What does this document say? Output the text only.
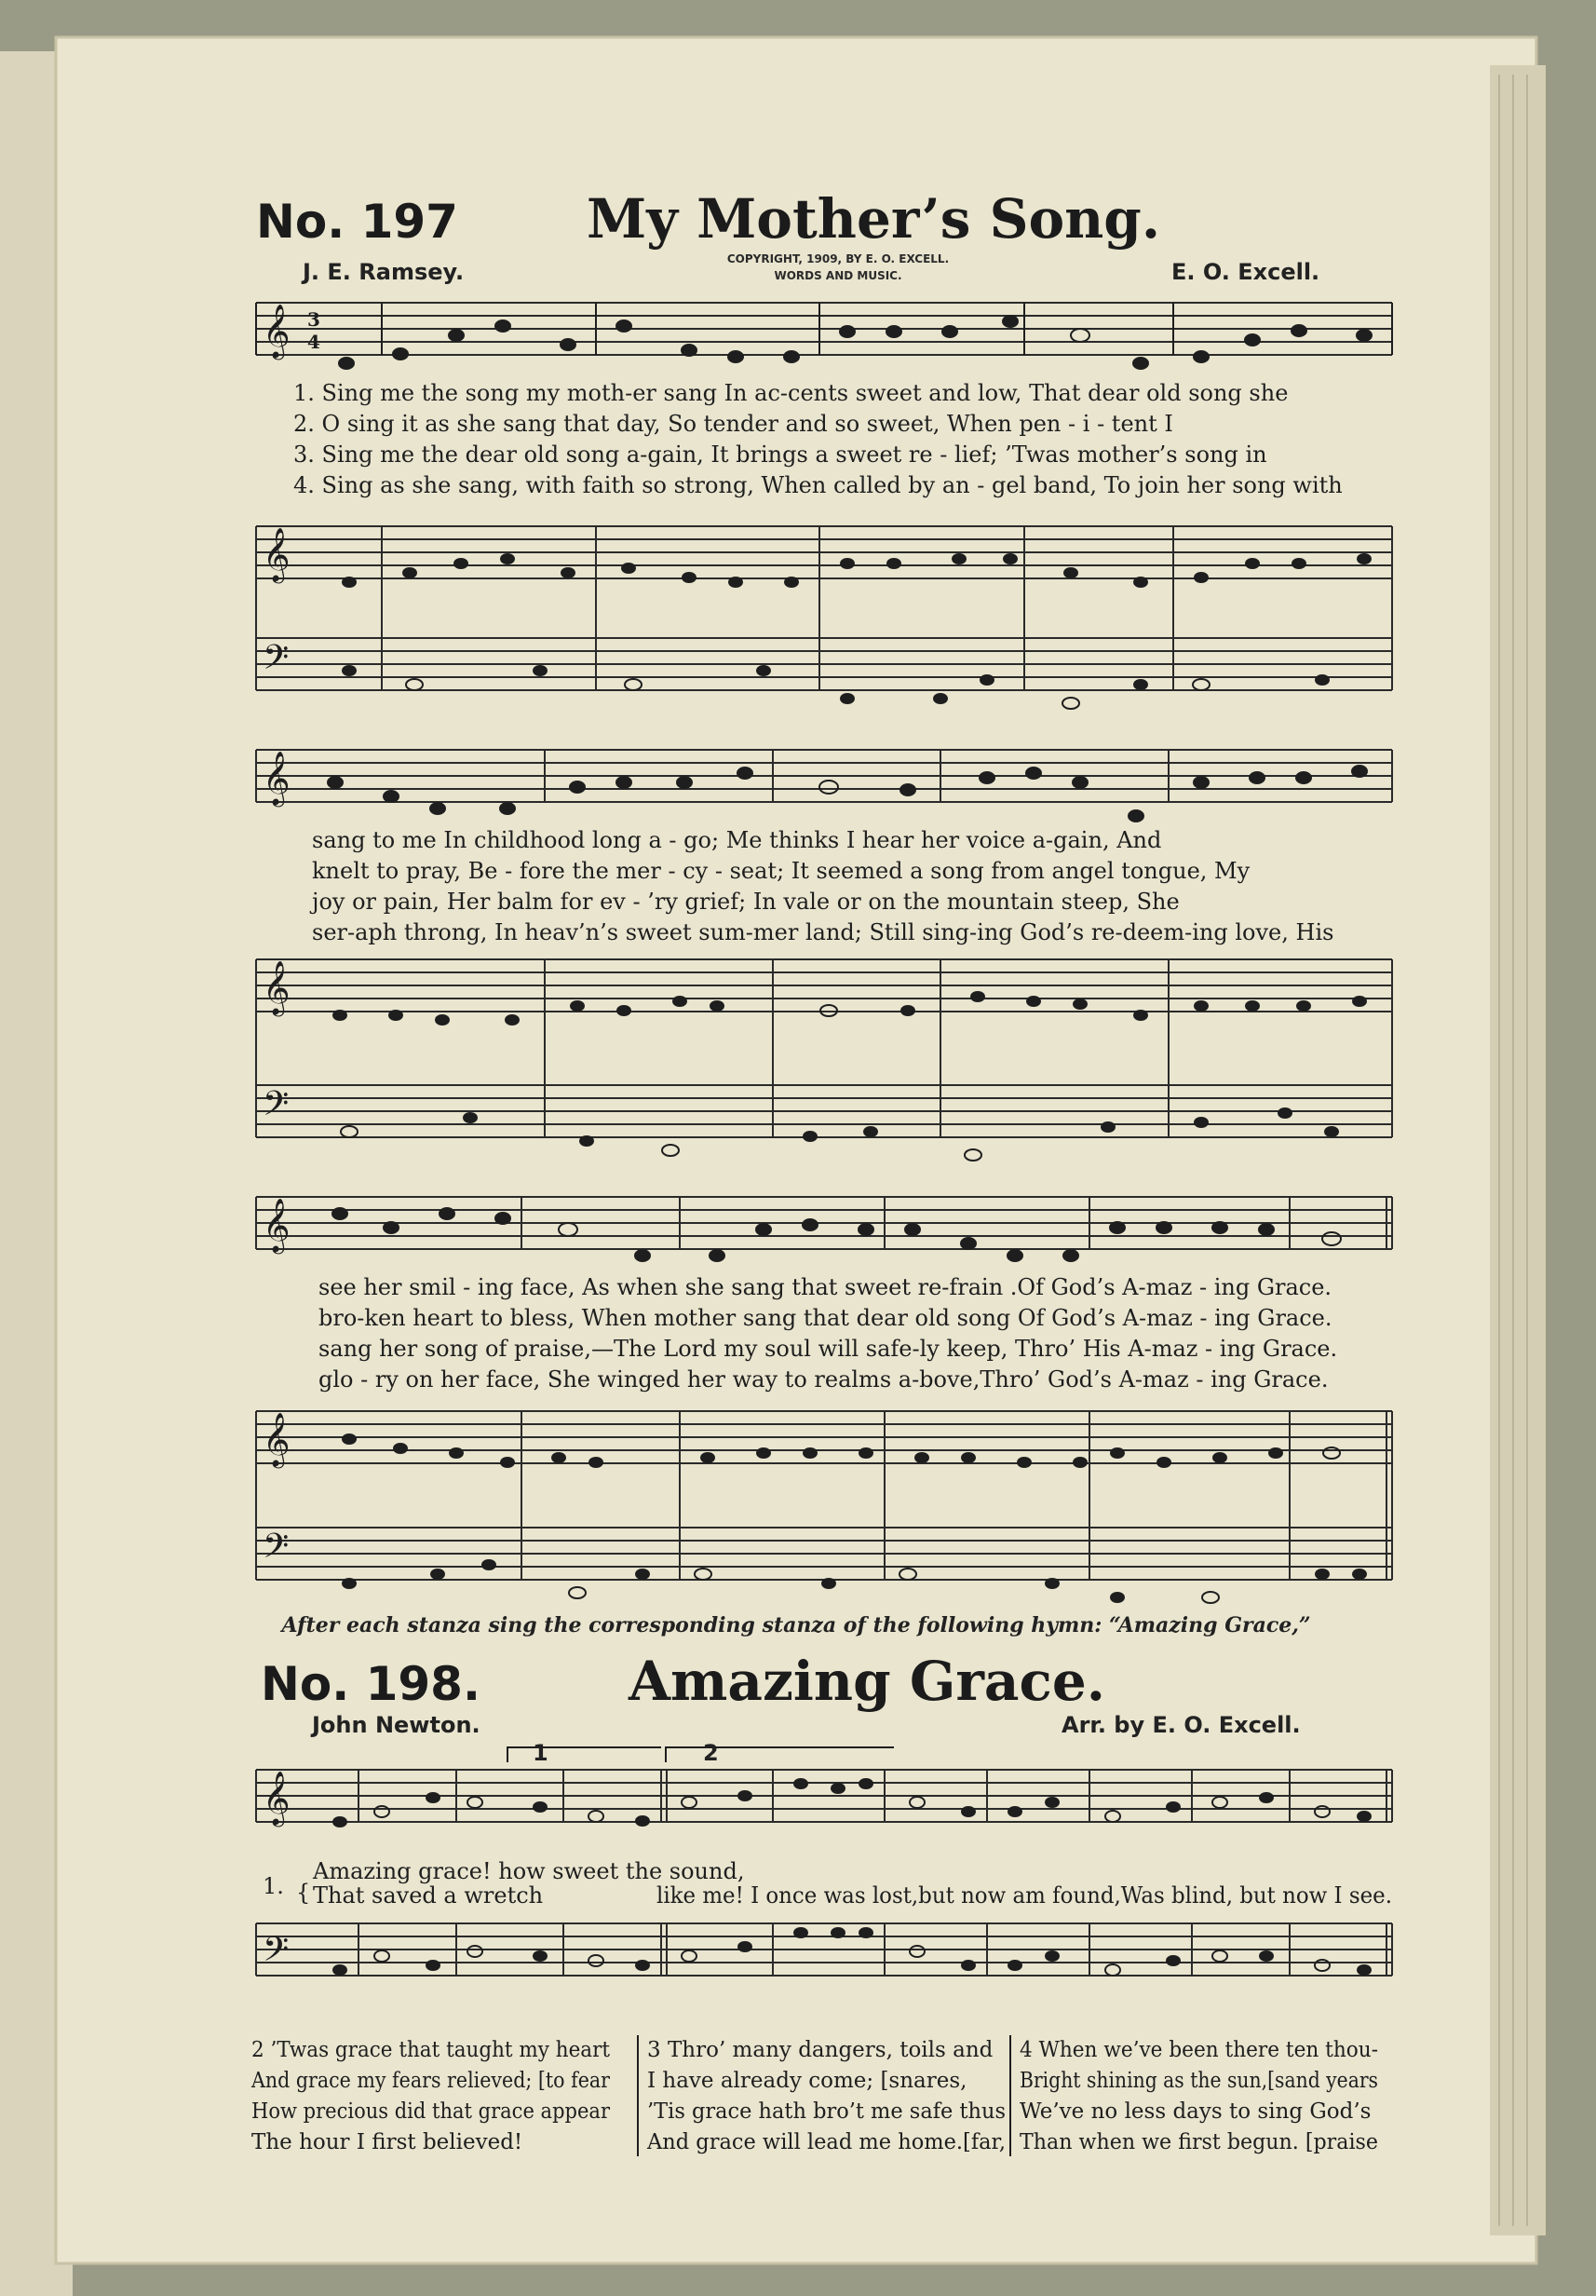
No. 197 My Mother’s Song.
J. E. Ramsey.	COPYRIGHT, 1909, BY E. O. EXCELL.
WORDS AND MUSIC.	E. O. Excell.
𝄞 3
4
1. Sing me the song my moth-er sang In ac-cents sweet and low, That dear old song she
2. O sing it as she sang that day, So tender and so sweet, When pen - i - tent I
3. Sing me the dear old song a-gain, It brings a sweet re - lief; ’Twas mother’s song in
4. Sing as she sang, with faith so strong, When called by an - gel band, To join her song with
𝄞
𝄢
𝄞
sang to me In childhood long a - go; Me thinks I hear her voice a-gain, And
knelt to pray, Be - fore the mer - cy - seat; It seemed a song from angel tongue, My
joy or pain, Her balm for ev - ’ry grief; In vale or on the mountain steep, She
ser-aph throng, In heav’n’s sweet sum-mer land; Still sing-ing God’s re-deem-ing love, His
𝄞
𝄢
𝄞
see her smil - ing face, As when she sang that sweet re-frain .Of God’s A-maz - ing Grace.
bro-ken heart to bless, When mother sang that dear old song Of God’s A-maz - ing Grace.
sang her song of praise,—The Lord my soul will safe-ly keep, Thro’ His A-maz - ing Grace.
glo - ry on her face, She winged her way to realms a-bove,Thro’ God’s A-maz - ing Grace.
𝄞
𝄢
After each stanza sing the corresponding stanza of the following hymn: “Amazing Grace,”
No. 198.	Amazing Grace.
John Newton.	Arr. by E. O. Excell.
1	2
𝄞
1. {
Amazing grace! how sweet the sound,
That saved a wretch	like me! I once was lost,but now am found,Was blind, but now I see.
𝄢
2 ’Twas grace that taught my heart
And grace my fears relieved; [to fear
How precious did that grace appear
The hour I first believed!
3 Thro’ many dangers, toils and
I have already come; [snares,
’Tis grace hath bro’t me safe thus
And grace will lead me home.[far,
4 When we’ve been there ten thou-
Bright shining as the sun,[sand years
We’ve no less days to sing God’s
Than when we first begun. [praise
